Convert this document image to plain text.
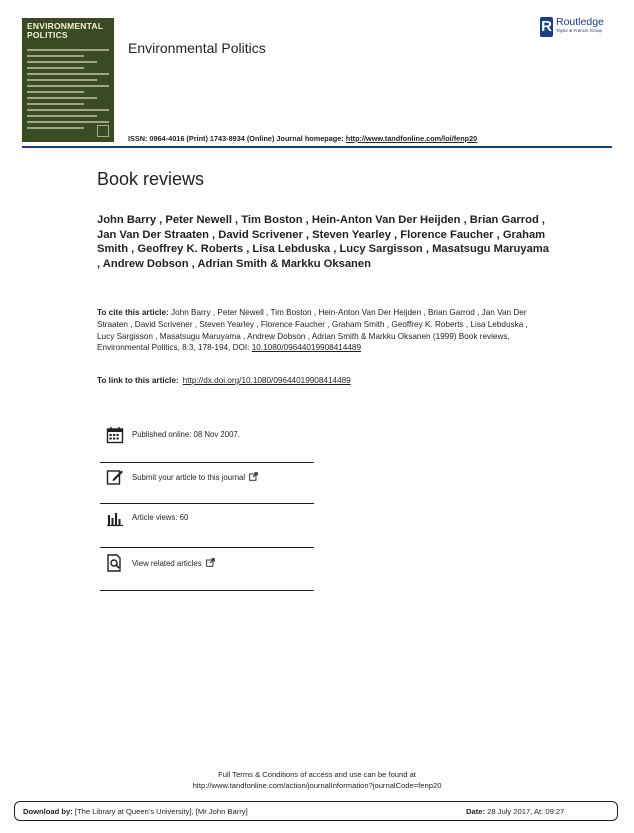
ENVIRONMENTAL POLITICS
Environmental Politics
R Routledge
Taylor & Francis Group
ISSN: 0964-4016 (Print) 1743-8934 (Online) Journal homepage: http://www.tandfonline.com/loi/fenp20
Book reviews
John Barry , Peter Newell , Tim Boston , Hein-Anton Van Der Heijden , Brian Garrod , Jan Van Der Straaten , David Scrivener , Steven Yearley , Florence Faucher , Graham Smith , Geoffrey K. Roberts , Lisa Lebduska , Lucy Sargisson , Masatsugu Maruyama , Andrew Dobson , Adrian Smith & Markku Oksanen
To cite this article: John Barry , Peter Newell , Tim Boston , Hein-Anton Van Der Heijden , Brian Garrod , Jan Van Der Straaten , David Scrivener , Steven Yearley , Florence Faucher , Graham Smith , Geoffrey K. Roberts , Lisa Lebduska , Lucy Sargisson , Masatsugu Maruyama , Andrew Dobson , Adrian Smith & Markku Oksanen (1999) Book reviews, Environmental Politics, 8:3, 178-194, DOI: 10.1080/09644019908414489
To link to this article: http://dx.doi.org/10.1080/09644019908414489
Published online: 08 Nov 2007.
Submit your article to this journal
Article views: 60
View related articles
Full Terms & Conditions of access and use can be found at
http://www.tandfonline.com/action/journalInformation?journalCode=fenp20
Download by: [The Library at Queen's University], [Mr John Barry]	Date: 28 July 2017, At: 09:27
